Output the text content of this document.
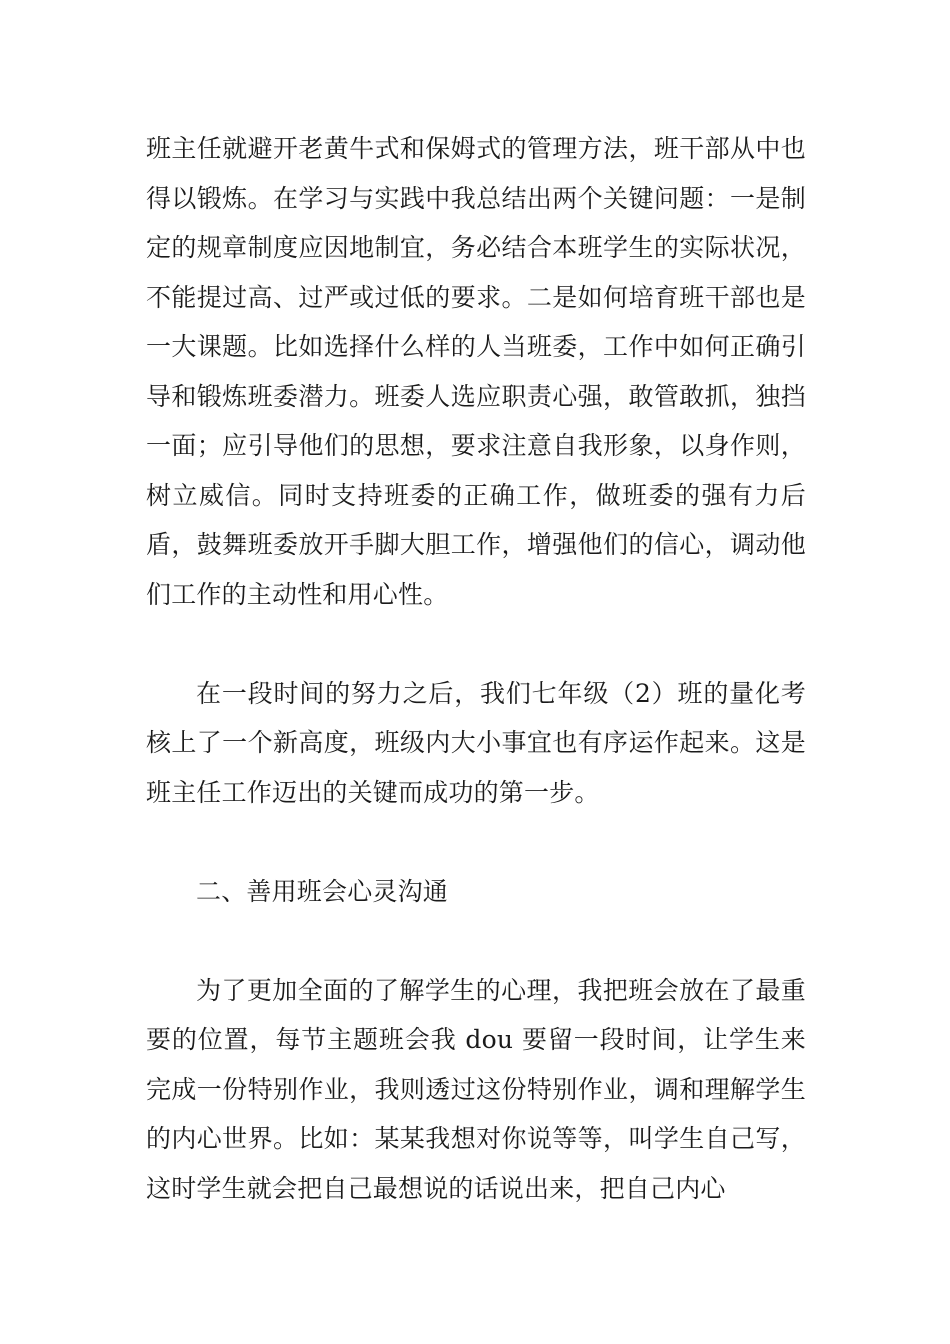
班主任就避开老黄牛式和保姆式的管理方法，班干部从中也得以锻炼。在学习与实践中我总结出两个关键问题：一是制定的规章制度应因地制宜，务必结合本班学生的实际状况，不能提过高、过严或过低的要求。二是如何培育班干部也是一大课题。比如选择什么样的人当班委，工作中如何正确引导和锻炼班委潜力。班委人选应职责心强，敢管敢抓，独挡一面；应引导他们的思想，要求注意自我形象，以身作则，树立威信。同时支持班委的正确工作，做班委的强有力后盾，鼓舞班委放开手脚大胆工作，增强他们的信心，调动他们工作的主动性和用心性。

在一段时间的努力之后，我们七年级（2）班的量化考核上了一个新高度，班级内大小事宜也有序运作起来。这是班主任工作迈出的关键而成功的第一步。

二、善用班会心灵沟通

为了更加全面的了解学生的心理，我把班会放在了最重要的位置，每节主题班会我 dou 要留一段时间，让学生来完成一份特别作业，我则透过这份特别作业，调和理解学生的内心世界。比如：某某我想对你说等等，叫学生自己写，这时学生就会把自己最想说的话说出来，把自己内心
